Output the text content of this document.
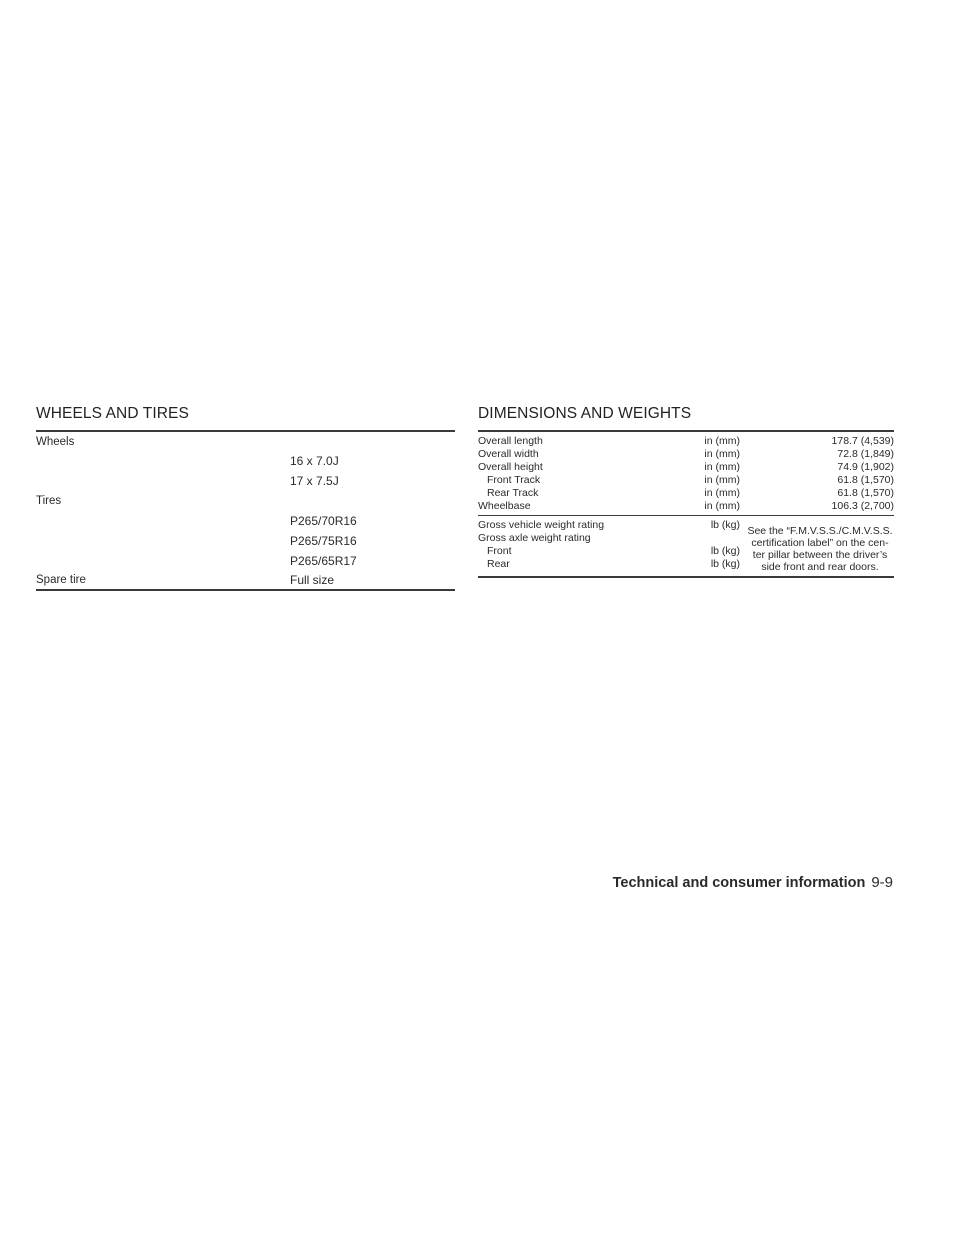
WHEELS AND TIRES
Wheels
16 x 7.0J
17 x 7.5J
Tires
P265/70R16
P265/75R16
P265/65R17
Spare tire	Full size
DIMENSIONS AND WEIGHTS
Overall length	in (mm)	178.7 (4,539)
Overall width	in (mm)	72.8 (1,849)
Overall height	in (mm)	74.9 (1,902)
Front Track	in (mm)	61.8 (1,570)
Rear Track	in (mm)	61.8 (1,570)
Wheelbase	in (mm)	106.3 (2,700)
Gross vehicle weight rating	lb (kg)
Gross axle weight rating
Front	lb (kg)
Rear	lb (kg)
See the “F.M.V.S.S./C.M.V.S.S. certification label” on the cen- ter pillar between the driver’s side front and rear doors.
Technical and consumer information 9-9
